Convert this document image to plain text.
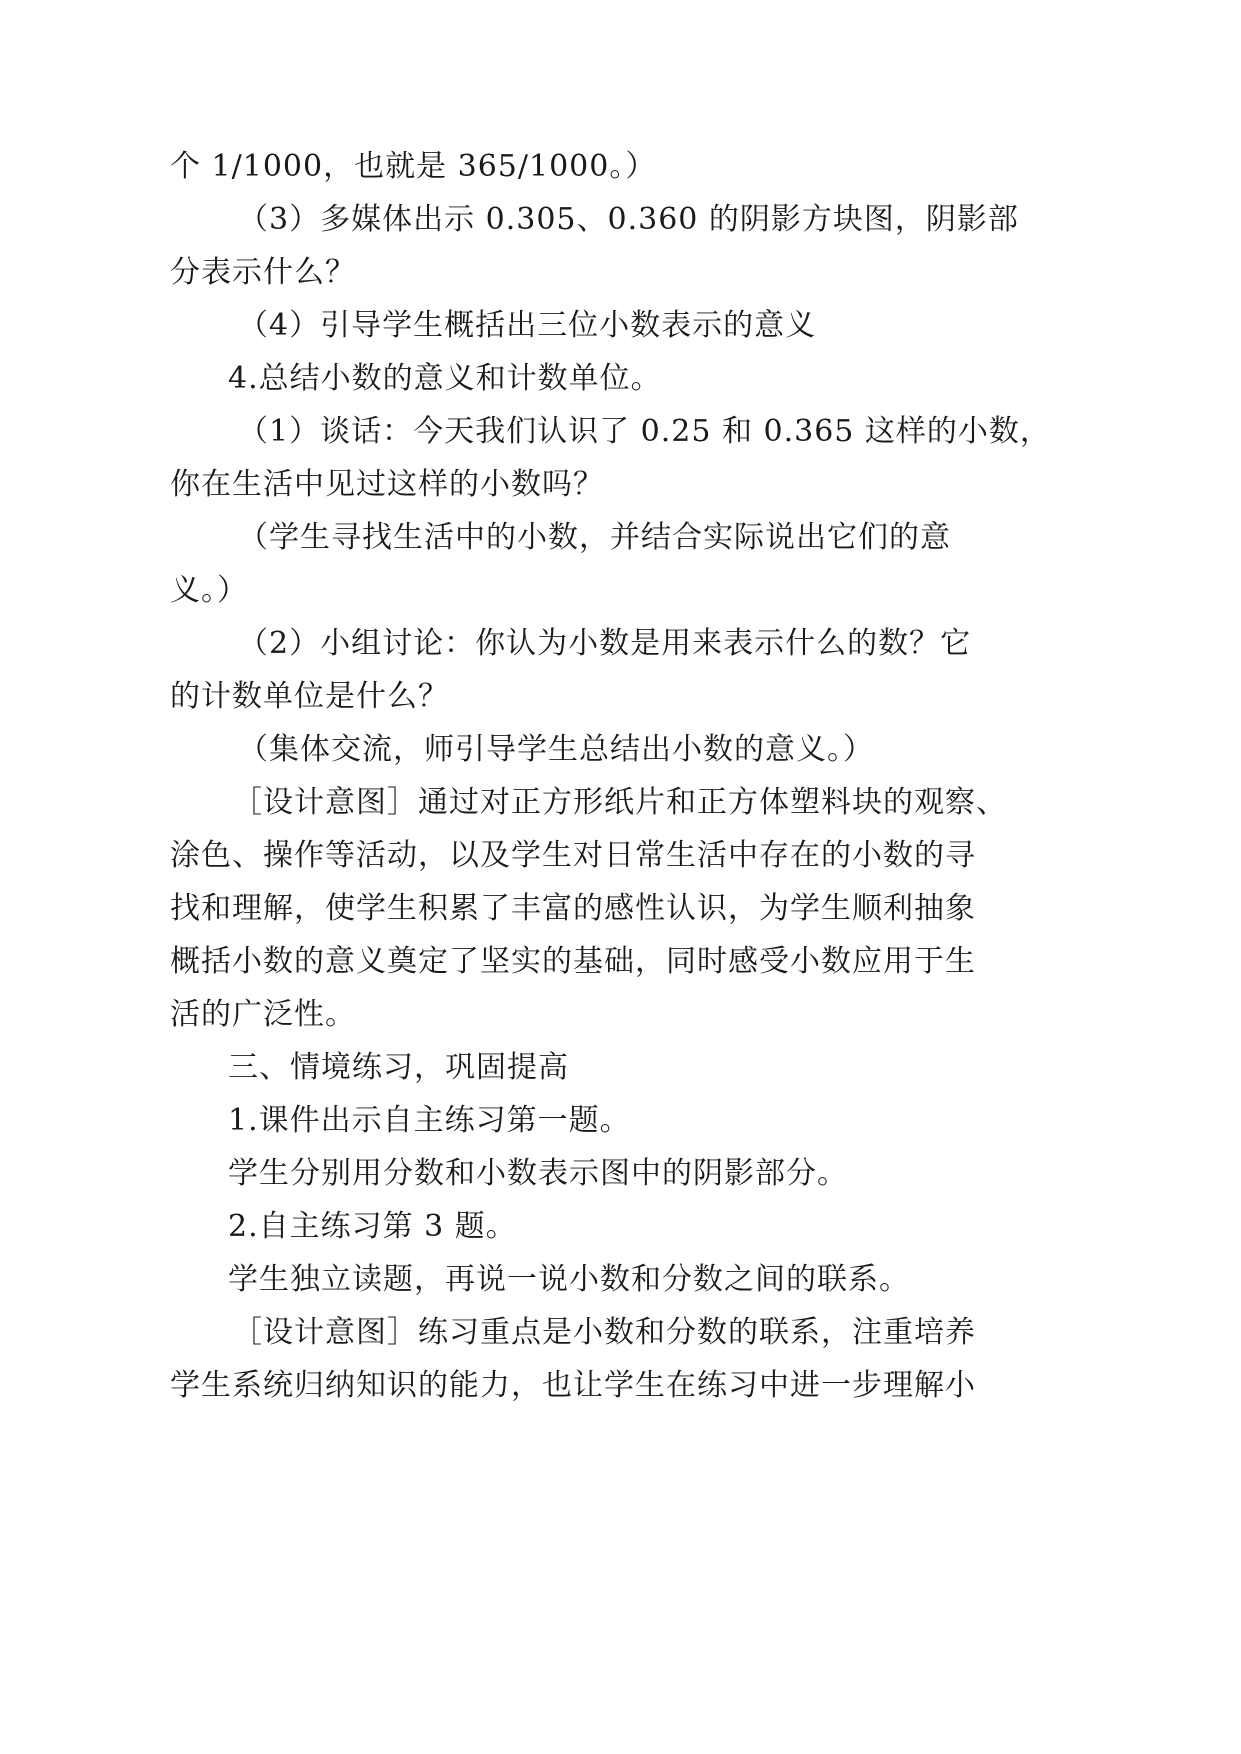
个 1/1000，也就是 365/1000。）
（3）多媒体出示 0.305、0.360 的阴影方块图，阴影部
分表示什么？
（4）引导学生概括出三位小数表示的意义
4.总结小数的意义和计数单位。
（1）谈话：今天我们认识了 0.25 和 0.365 这样的小数，
你在生活中见过这样的小数吗？
（学生寻找生活中的小数，并结合实际说出它们的意
义。）
（2）小组讨论：你认为小数是用来表示什么的数？它
的计数单位是什么？
（集体交流，师引导学生总结出小数的意义。）
［设计意图］通过对正方形纸片和正方体塑料块的观察、
涂色、操作等活动，以及学生对日常生活中存在的小数的寻
找和理解，使学生积累了丰富的感性认识，为学生顺利抽象
概括小数的意义奠定了坚实的基础，同时感受小数应用于生
活的广泛性。
三、情境练习，巩固提高
1.课件出示自主练习第一题。
学生分别用分数和小数表示图中的阴影部分。
2.自主练习第 3 题。
学生独立读题，再说一说小数和分数之间的联系。
［设计意图］练习重点是小数和分数的联系，注重培养
学生系统归纳知识的能力，也让学生在练习中进一步理解小
